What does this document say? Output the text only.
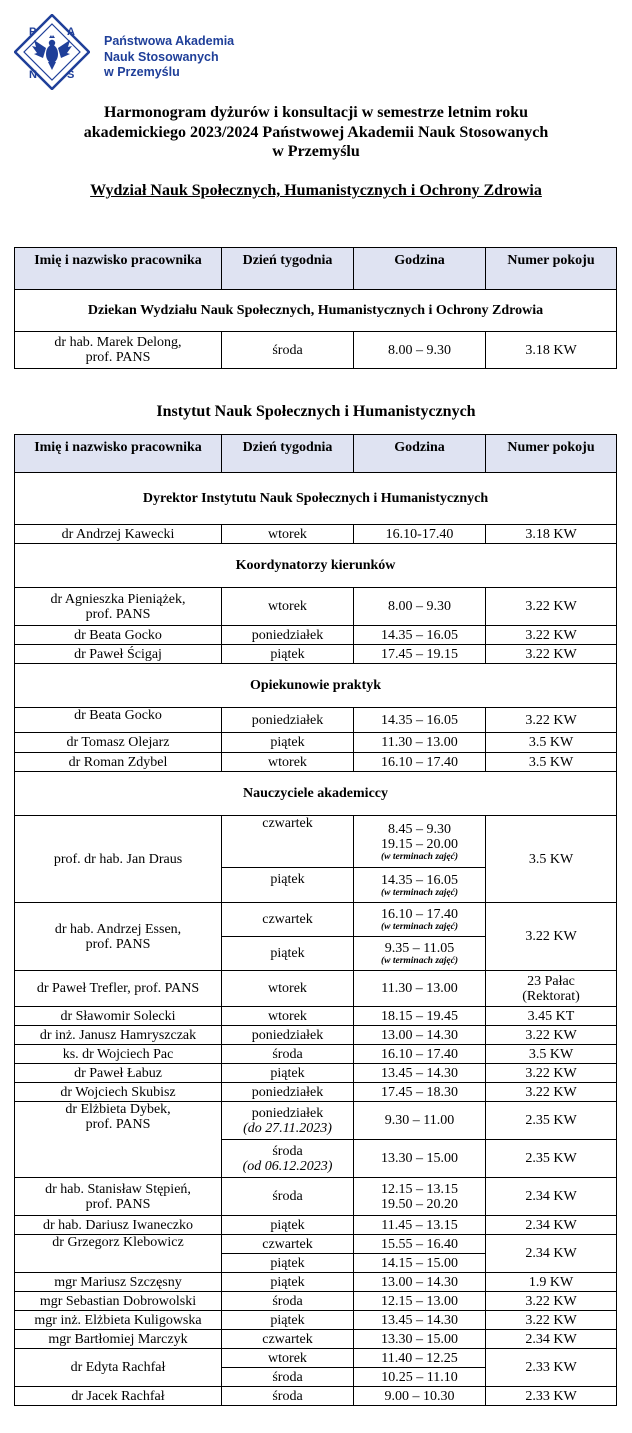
P	A
N	S
Państwowa Akademia
Nauk Stosowanych
w Przemyślu
Harmonogram dyżurów i konsultacji w semestrze letnim roku
akademickiego 2023/2024 Państwowej Akademii Nauk Stosowanych
w Przemyślu
Wydział Nauk Społecznych, Humanistycznych i Ochrony Zdrowia
Imię i nazwisko pracownika	Dzień tygodnia	Godzina	Numer pokoju
Dziekan Wydziału Nauk Społecznych, Humanistycznych i Ochrony Zdrowia			

dr hab. Marek Delong,
prof. PANS	środa	8.00 – 9.30	3.18 KW
Instytut Nauk Społecznych i Humanistycznych
Imię i nazwisko pracownika	Dzień tygodnia	Godzina	Numer pokoju
Dyrektor Instytutu Nauk Społecznych i Humanistycznych			
dr Andrzej Kawecki	wtorek	16.10-17.40	3.18 KW
Koordynatorzy kierunków			

dr Agnieszka Pieniążek,
prof. PANS	wtorek	8.00 – 9.30	3.22 KW
dr Beata Gocko	poniedziałek	14.35 – 16.05	3.22 KW
dr Paweł Ścigaj	piątek	17.45 – 19.15	3.22 KW
Opiekunowie praktyk			
dr Beata Gocko	poniedziałek	14.35 – 16.05	3.22 KW
dr Tomasz Olejarz	piątek	11.30 – 13.00	3.5 KW
dr Roman Zdybel	wtorek	16.10 – 17.40	3.5 KW
Nauczyciele akademiccy			
prof. dr hab. Jan Draus	czwartek	8.45 – 9.30
19.15 – 20.00
(w terminach zajęć)	3.5 KW
	piątek	14.35 – 16.05
(w terminach zajęć)	

dr hab. Andrzej Essen,
prof. PANS	czwartek	16.10 – 17.40
(w terminach zajęć)	3.22 KW
	piątek	9.35 – 11.05
(w terminach zajęć)	

dr Paweł Trefler, prof. PANS	wtorek	11.30 – 13.00	23 Pałac
(Rektorat)

dr Sławomir Solecki	wtorek	18.15 – 19.45	3.45 KT
dr inż. Janusz Hamryszczak	poniedziałek	13.00 – 14.30	3.22 KW
ks. dr Wojciech Pac	środa	16.10 – 17.40	3.5 KW
dr Paweł Łabuz	piątek	13.45 – 14.30	3.22 KW
dr Wojciech Skubisz	poniedziałek	17.45 – 18.30	3.22 KW

dr Elżbieta Dybek,
prof. PANS	poniedziałek
(do 27.11.2023)	9.30 – 11.00	2.35 KW

	środa
(od 06.12.2023)	13.30 – 15.00	2.35 KW

dr hab. Stanisław Stępień,
prof. PANS	środa	12.15 – 13.15
19.50 – 20.20	2.34 KW
dr hab. Dariusz Iwaneczko	piątek	11.45 – 13.15	2.34 KW
dr Grzegorz Klebowicz	czwartek	15.55 – 16.40	2.34 KW
	piątek	14.15 – 15.00	
mgr Mariusz Szczęsny	piątek	13.00 – 14.30	1.9 KW
mgr Sebastian Dobrowolski	środa	12.15 – 13.00	3.22 KW
mgr inż. Elżbieta Kuligowska	piątek	13.45 – 14.30	3.22 KW
mgr Bartłomiej Marczyk	czwartek	13.30 – 15.00	2.34 KW
dr Edyta Rachfał	wtorek	11.40 – 12.25	2.33 KW
	środa	10.25 – 11.10	
dr Jacek Rachfał	środa	9.00 – 10.30	2.33 KW
